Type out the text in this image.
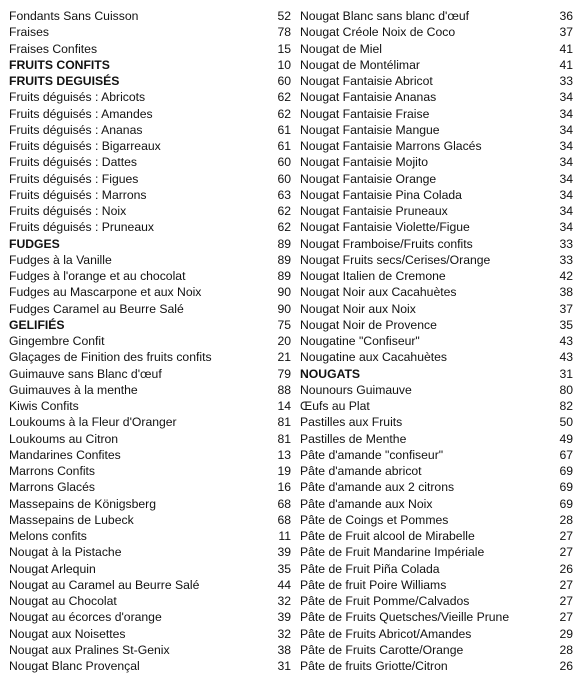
Fondants Sans Cuisson	52
Fraises	78
Fraises Confites	15
FRUITS CONFITS	10
FRUITS DEGUISÉS	60
Fruits déguisés : Abricots	62
Fruits déguisés : Amandes	62
Fruits déguisés : Ananas	61
Fruits déguisés : Bigarreaux	61
Fruits déguisés : Dattes	60
Fruits déguisés : Figues	60
Fruits déguisés : Marrons	63
Fruits déguisés : Noix	62
Fruits déguisés : Pruneaux	62
FUDGES	89
Fudges à la Vanille	89
Fudges à l'orange et au chocolat	89
Fudges au Mascarpone et aux Noix	90
Fudges Caramel au Beurre Salé	90
GELIFIÉS	75
Gingembre Confit	20
Glaçages de Finition des fruits confits	21
Guimauve sans Blanc d'œuf	79
Guimauves à la menthe	88
Kiwis Confits	14
Loukoums à la Fleur d'Oranger	81
Loukoums au Citron	81
Mandarines Confites	13
Marrons Confits	19
Marrons Glacés	16
Massepains de Königsberg	68
Massepains de Lubeck	68
Melons confits	11
Nougat à la Pistache	39
Nougat Arlequin	35
Nougat au Caramel au Beurre Salé	44
Nougat au Chocolat	32
Nougat au écorces d'orange	39
Nougat aux Noisettes	32
Nougat aux Pralines St-Genix	38
Nougat Blanc Provençal	31
Nougat Blanc sans blanc d'œuf	36
Nougat Créole Noix de Coco	37
Nougat de Miel	41
Nougat de Montélimar	41
Nougat Fantaisie Abricot	33
Nougat Fantaisie Ananas	34
Nougat Fantaisie Fraise	34
Nougat Fantaisie Mangue	34
Nougat Fantaisie Marrons Glacés	34
Nougat Fantaisie Mojito	34
Nougat Fantaisie Orange	34
Nougat Fantaisie Pina Colada	34
Nougat Fantaisie Pruneaux	34
Nougat Fantaisie Violette/Figue	34
Nougat Framboise/Fruits confits	33
Nougat Fruits secs/Cerises/Orange	33
Nougat Italien de Cremone	42
Nougat Noir aux Cacahuètes	38
Nougat Noir aux Noix	37
Nougat Noir de Provence	35
Nougatine "Confiseur"	43
Nougatine aux Cacahuètes	43
NOUGATS	31
Nounours Guimauve	80
Œufs au Plat	82
Pastilles aux Fruits	50
Pastilles de Menthe	49
Pâte d'amande "confiseur"	67
Pâte d'amande abricot	69
Pâte d'amande aux 2 citrons	69
Pâte d'amande aux Noix	69
Pâte de Coings et Pommes	28
Pâte de Fruit alcool de Mirabelle	27
Pâte de Fruit Mandarine Impériale	27
Pâte de Fruit Piña Colada	26
Pâte de fruit Poire Williams	27
Pâte de Fruit Pomme/Calvados	27
Pâte de Fruits Quetsches/Vieille Prune	27
Pâte de Fruits Abricot/Amandes	29
Pâte de Fruits Carotte/Orange	28
Pâte de fruits Griotte/Citron	26
